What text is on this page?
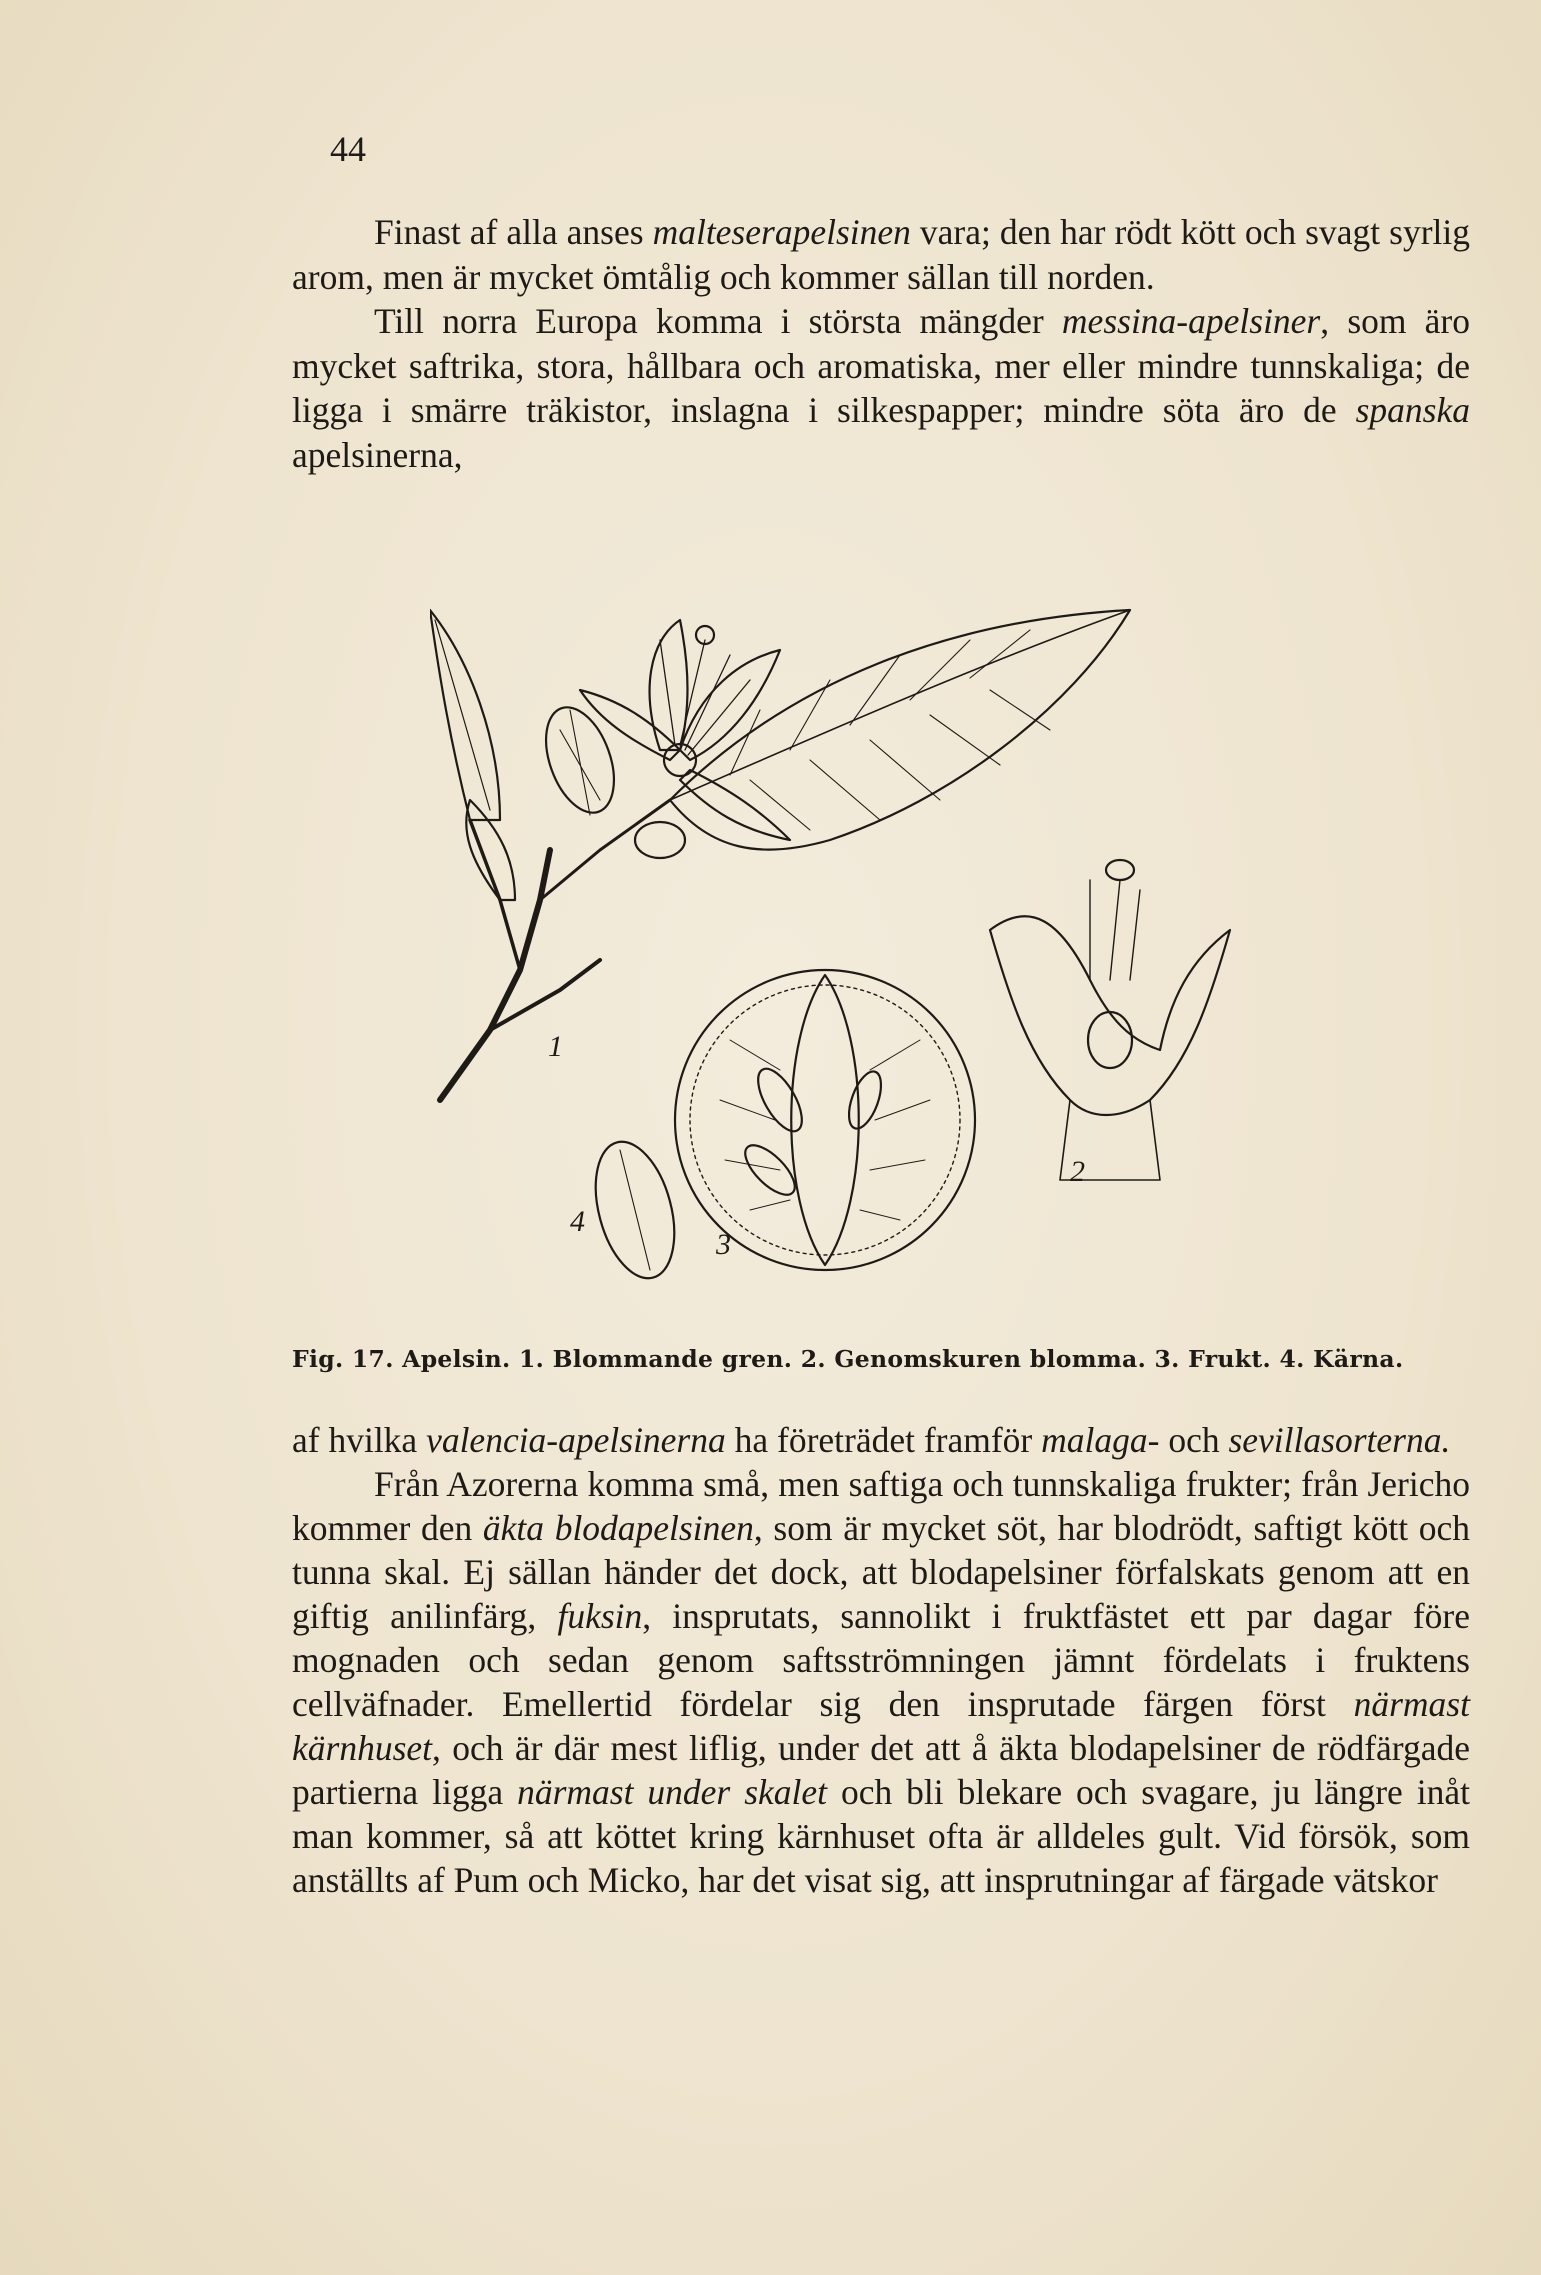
44

Finast af alla anses malteserapelsinen vara; den har rödt kött och svagt syrlig arom, men är mycket ömtålig och kommer sällan till norden.

Till norra Europa komma i största mängder messina-apelsiner, som äro mycket saftrika, stora, hållbara och aromatiska, mer eller mindre tunnskaliga; de ligga i smärre träkistor, inslagna i silkespapper; mindre söta äro de spanska apelsinerna,

1
2
3
4
Fig. 17. Apelsin. 1. Blommande gren. 2. Genomskuren blomma. 3. Frukt. 4. Kärna.

af hvilka valencia-apelsinerna ha företrädet framför malaga- och sevillasorterna.

Från Azorerna komma små, men saftiga och tunnskaliga frukter; från Jericho kommer den äkta blodapelsinen, som är mycket söt, har blodrödt, saftigt kött och tunna skal. Ej sällan händer det dock, att blodapelsiner förfalskats genom att en giftig anilinfärg, fuksin, insprutats, sannolikt i fruktfästet ett par dagar före mognaden och sedan genom saftsströmningen jämnt fördelats i fruktens cellväfnader. Emellertid fördelar sig den insprutade färgen först närmast kärnhuset, och är där mest liflig, under det att å äkta blodapelsiner de rödfärgade partierna ligga närmast under skalet och bli blekare och svagare, ju längre inåt man kommer, så att köttet kring kärnhuset ofta är alldeles gult. Vid försök, som anställts af Pum och Micko, har det visat sig, att insprutningar af färgade vätskor
